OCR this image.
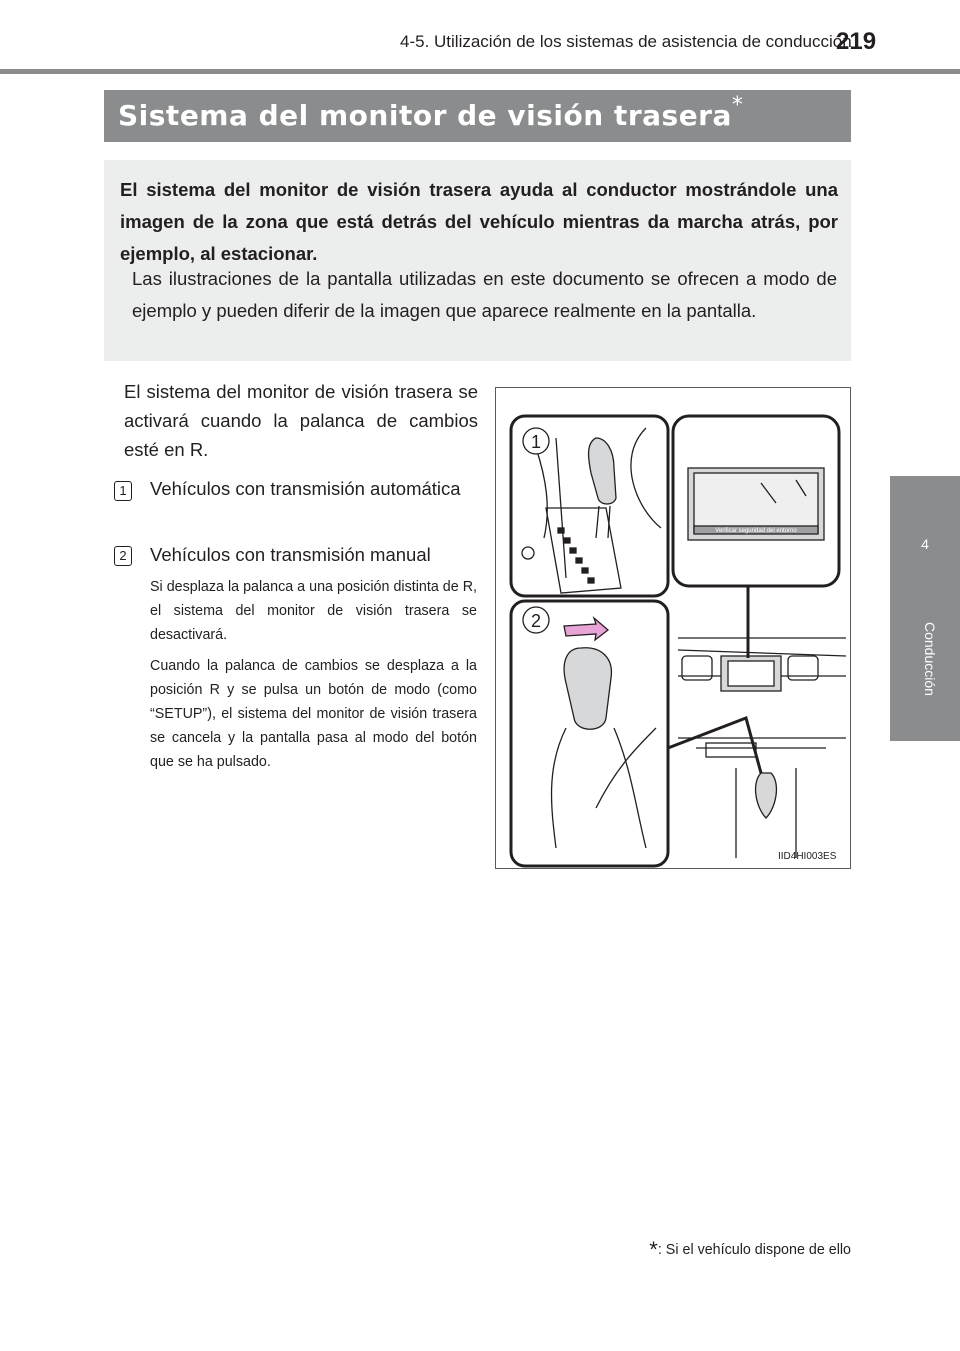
4-5. Utilización de los sistemas de asistencia de conducción
219
4
Conducción
Sistema del monitor de visión trasera*
El sistema del monitor de visión trasera ayuda al conductor mostrándole una imagen de la zona que está detrás del vehículo mientras da marcha atrás, por ejemplo, al estacionar.
Las ilustraciones de la pantalla utilizadas en este documento se ofrecen a modo de ejemplo y pueden diferir de la imagen que aparece realmente en la pantalla.
El sistema del monitor de visión trasera se activará cuando la palanca de cambios esté en R.
1 Vehículos con transmisión automática
2 Vehículos con transmisión manual
Si desplaza la palanca a una posición distinta de R, el sistema del monitor de visión trasera se desactivará.
Cuando la palanca de cambios se desplaza a la posición R y se pulsa un botón de modo (como “SETUP”), el sistema del monitor de visión trasera se cancela y la pantalla pasa al modo del botón que se ha pulsado.
1
2
Verificar seguridad del entorno
IID4HI003ES
*: Si el vehículo dispone de ello
